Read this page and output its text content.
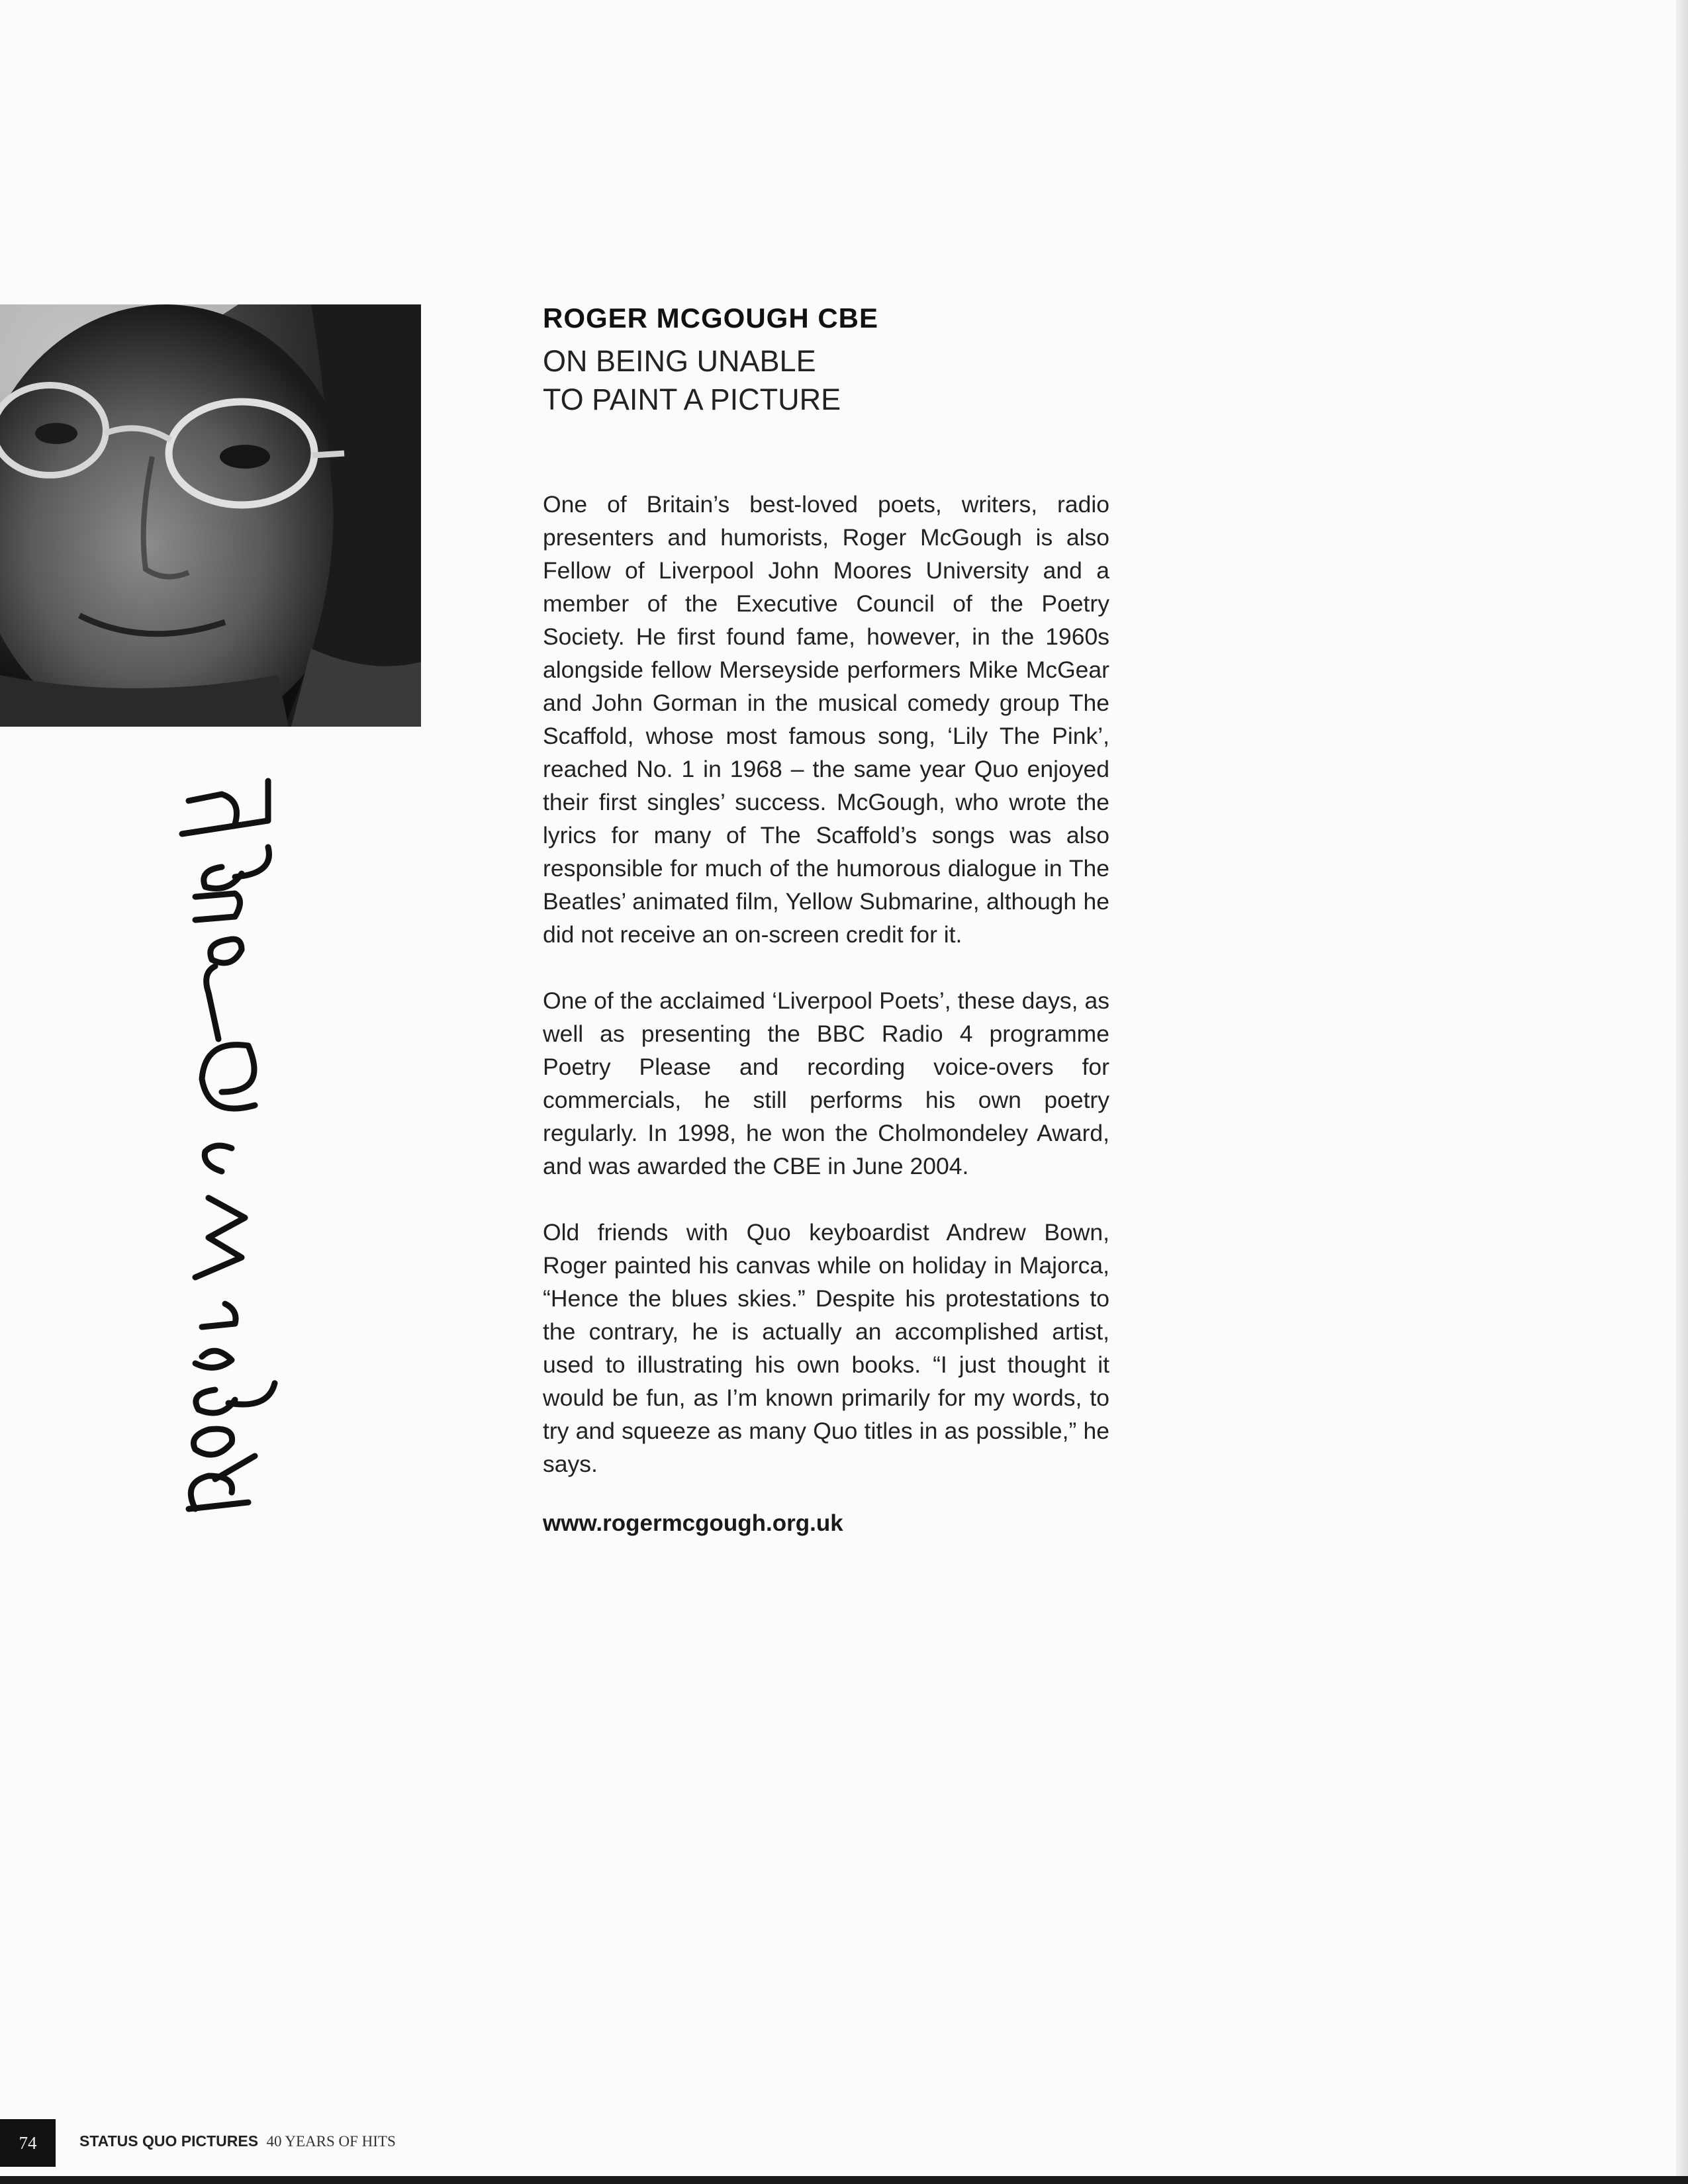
ROGER MCGOUGH CBE
ON BEING UNABLE
TO PAINT A PICTURE

One of Britain’s best-loved poets, writers, radio presenters and humorists, Roger McGough is also Fellow of Liverpool John Moores University and a member of the Executive Council of the Poetry Society. He first found fame, however, in the 1960s alongside fellow Merseyside performers Mike McGear and John Gorman in the musical comedy group The Scaffold, whose most famous song, ‘Lily The Pink’, reached No. 1 in 1968 – the same year Quo enjoyed their first singles’ success. McGough, who wrote the lyrics for many of The Scaffold’s songs was also responsible for much of the humorous dialogue in The Beatles’ animated film, Yellow Submarine, although he did not receive an on-screen credit for it.

One of the acclaimed ‘Liverpool Poets’, these days, as well as presenting the BBC Radio 4 programme Poetry Please and recording voice-overs for commercials, he still performs his own poetry regularly. In 1998, he won the Cholmondeley Award, and was awarded the CBE in June 2004.

Old friends with Quo keyboardist Andrew Bown, Roger painted his canvas while on holiday in Majorca, “Hence the blues skies.” Despite his protestations to the contrary, he is actually an accomplished artist, used to illustrating his own books. “I just thought it would be fun, as I’m known primarily for my words, to try and squeeze as many Quo titles in as possible,” he says.

www.rogermcgough.org.uk
74	STATUS QUO PICTURES 40 YEARS OF HITS
